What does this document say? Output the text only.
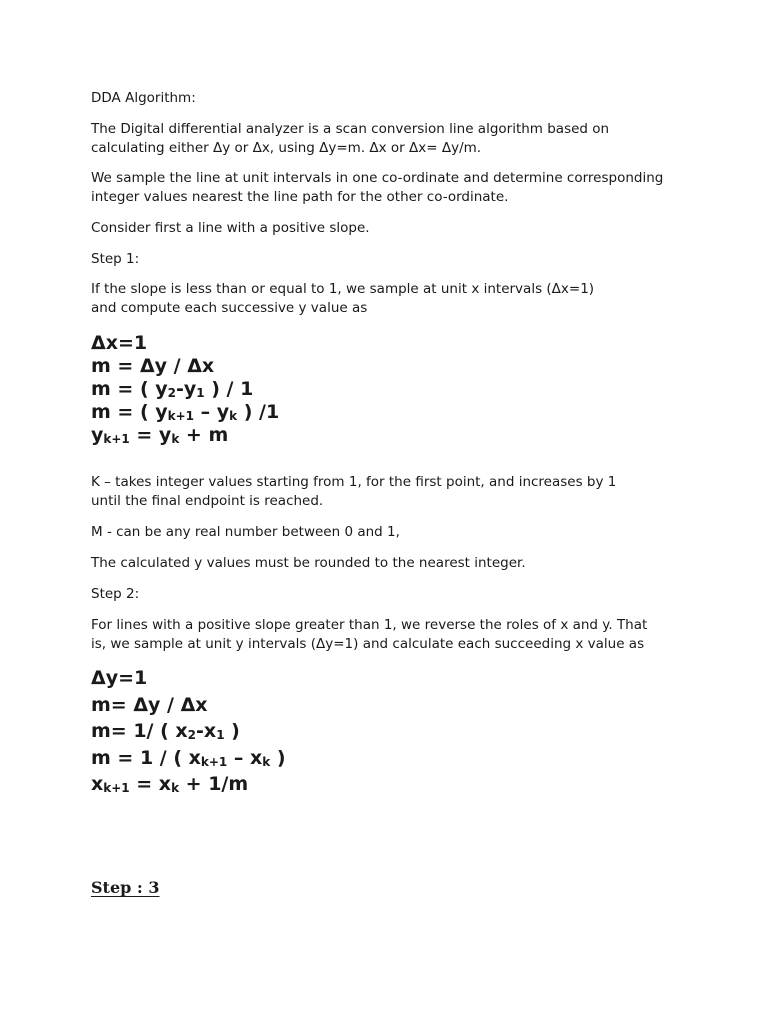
DDA Algorithm:

The Digital differential analyzer is a scan conversion line algorithm based on
calculating either Δy or Δx, using Δy=m. Δx or Δx= Δy/m.

We sample the line at unit intervals in one co-ordinate and determine corresponding
integer values nearest the line path for the other co-ordinate.

Consider first a line with a positive slope.

Step 1:

If the slope is less than or equal to 1, we sample at unit x intervals (Δx=1)
and compute each successive y value as

Δx=1
m = Δy / Δx
m = ( y2-y1 ) / 1
m = ( yk+1 – yk ) /1
yk+1 = yk + m

K – takes integer values starting from 1, for the first point, and increases by 1
until the final endpoint is reached.

M - can be any real number between 0 and 1,

The calculated y values must be rounded to the nearest integer.

Step 2:

For lines with a positive slope greater than 1, we reverse the roles of x and y. That
is, we sample at unit y intervals (Δy=1) and calculate each succeeding x value as

Δy=1
m= Δy / Δx
m= 1/ ( x2-x1 )
m = 1 / ( xk+1 – xk )
xk+1 = xk + 1/m

Step : 3
